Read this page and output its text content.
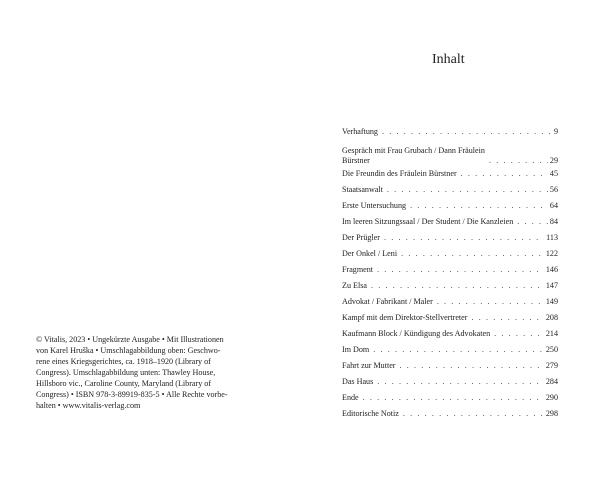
© Vitalis, 2023 • Ungekürzte Ausgabe • Mit Illustrationen
von Karel Hruška • Umschlagabbildung oben: Geschwo-
rene eines Kriegsgerichtes, ca. 1918–1920 (Library of
Congress). Umschlagabbildung unten: Thawley House,
Hillsboro vic., Caroline County, Maryland (Library of
Congress) • ISBN 978-3-89919-835-5 • Alle Rechte vorbe-
halten • www.vitalis-verlag.com
Inhalt
Verhaftung . . .	9
Gespräch mit Frau Grubach / Dann Fräulein
Bürstner . . .	29
Die Freundin des Fräulein Bürstner . . .	45
Staatsanwalt . . .	56
Erste Untersuchung . . .	64
Im leeren Sitzungssaal / Der Student / Die Kanzleien . . .	84
Der Prügler . . .	113
Der Onkel / Leni . . .	122
Fragment . . .	146
Zu Elsa . . .	147
Advokat / Fabrikant / Maler . . .	149
Kampf mit dem Direktor-Stellvertreter . . .	208
Kaufmann Block / Kündigung des Advokaten . . .	214
Im Dom . . .	250
Fahrt zur Mutter . . .	279
Das Haus . . .	284
Ende . . .	290
Editorische Notiz . . .	298
